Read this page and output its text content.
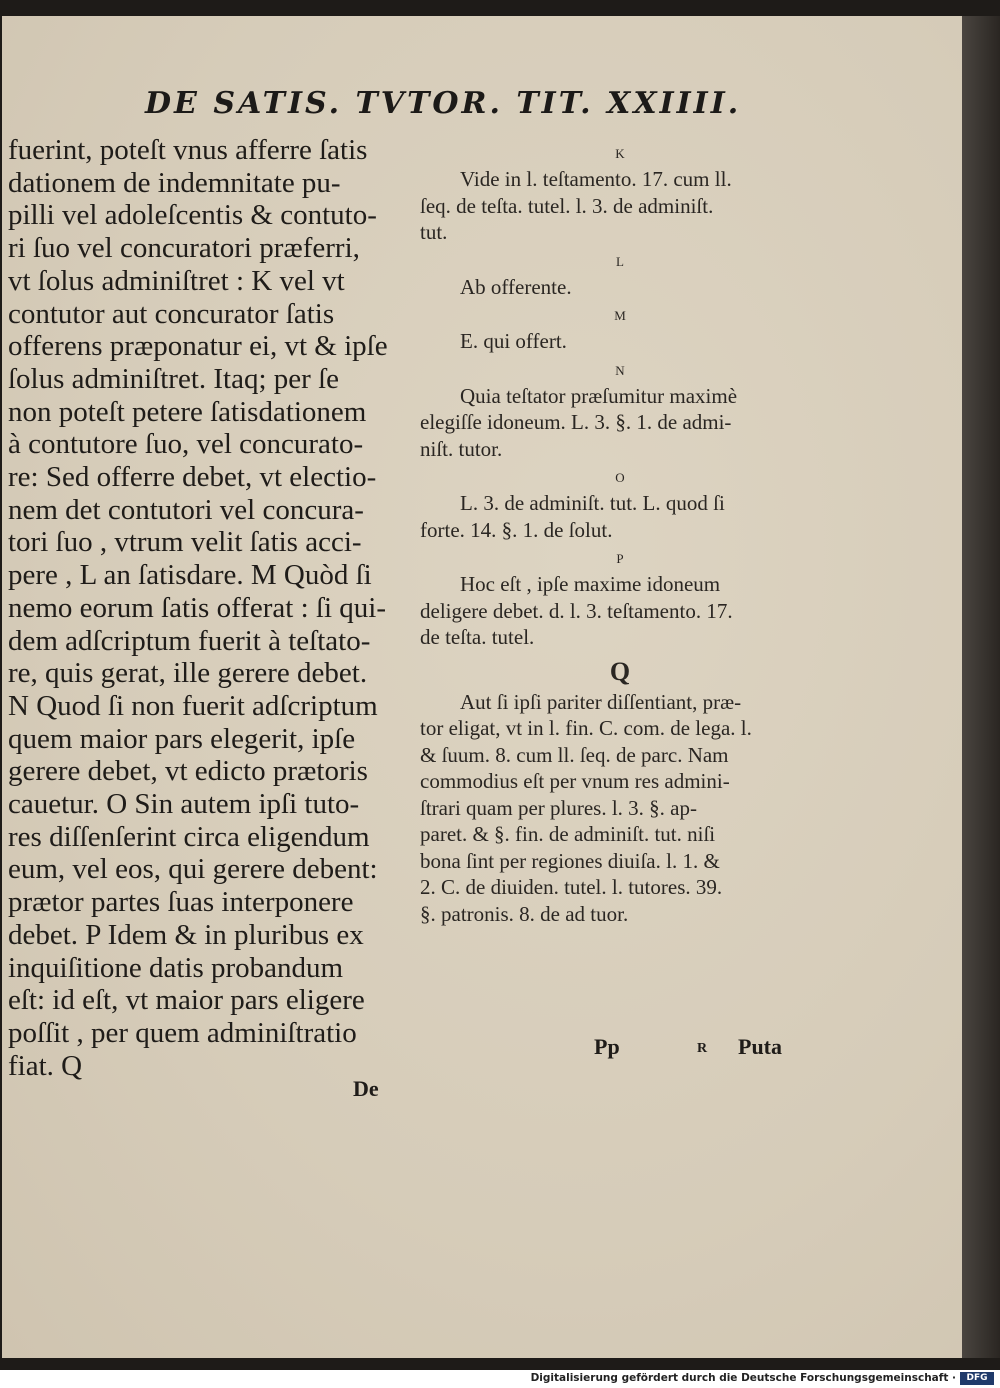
DE SATIS. TVTOR. TIT. XXIIII.
fuerint, poteſt vnus afferre ſatis
dationem de indemnitate pu-
pilli vel adoleſcentis & contuto-
ri ſuo vel concuratori præferri,
vt ſolus adminiſtret : K vel vt
contutor aut concurator ſatis
offerens præponatur ei, vt & ipſe
ſolus adminiſtret. Itaq; per ſe
non poteſt petere ſatisdationem
à contutore ſuo, vel concurato-
re: Sed offerre debet, vt electio-
nem det contutori vel concura-
tori ſuo , vtrum velit ſatis acci-
pere , L an ſatisdare. M Quòd ſi
nemo eorum ſatis offerat : ſi qui-
dem adſcriptum fuerit à teſtato-
re, quis gerat, ille gerere debet.
N Quod ſi non fuerit adſcriptum
quem maior pars elegerit, ipſe
gerere debet, vt edicto prætoris
cauetur. O Sin autem ipſi tuto-
res diſſenſerint circa eligendum
eum, vel eos, qui gerere debent:
prætor partes ſuas interponere
debet. P Idem & in pluribus ex
inquiſitione datis probandum
eſt: id eſt, vt maior pars eligere
poſſit , per quem adminiſtratio
fiat. Q
K
Vide in l. teſtamento. 17. cum ll.
ſeq. de teſta. tutel. l. 3. de adminiſt.
tut.
L
Ab offerente.
M
E. qui offert.
N
Quia teſtator præſumitur maximè
elegiſſe idoneum. L. 3. §. 1. de admi-
niſt. tutor.
O
L. 3. de adminiſt. tut. L. quod ſi
forte. 14. §. 1. de ſolut.
P
Hoc eſt , ipſe maxime idoneum
deligere debet. d. l. 3. teſtamento. 17.
de teſta. tutel.
Q
Aut ſi ipſi pariter diſſentiant, præ-
tor eligat, vt in l. fin. C. com. de lega. l.
& ſuum. 8. cum ll. ſeq. de parc. Nam
commodius eſt per vnum res admini-
ſtrari quam per plures. l. 3. §. ap-
paret. & §. fin. de adminiſt. tut. niſi
bona ſint per regiones diuiſa. l. 1. &
2. C. de diuiden. tutel. l. tutores. 39.
§. patronis. 8. de ad tuor.
Pp	R Puta
De
Digitalisierung gefördert durch die Deutsche Forschungsgemeinschaft ·	DFG
